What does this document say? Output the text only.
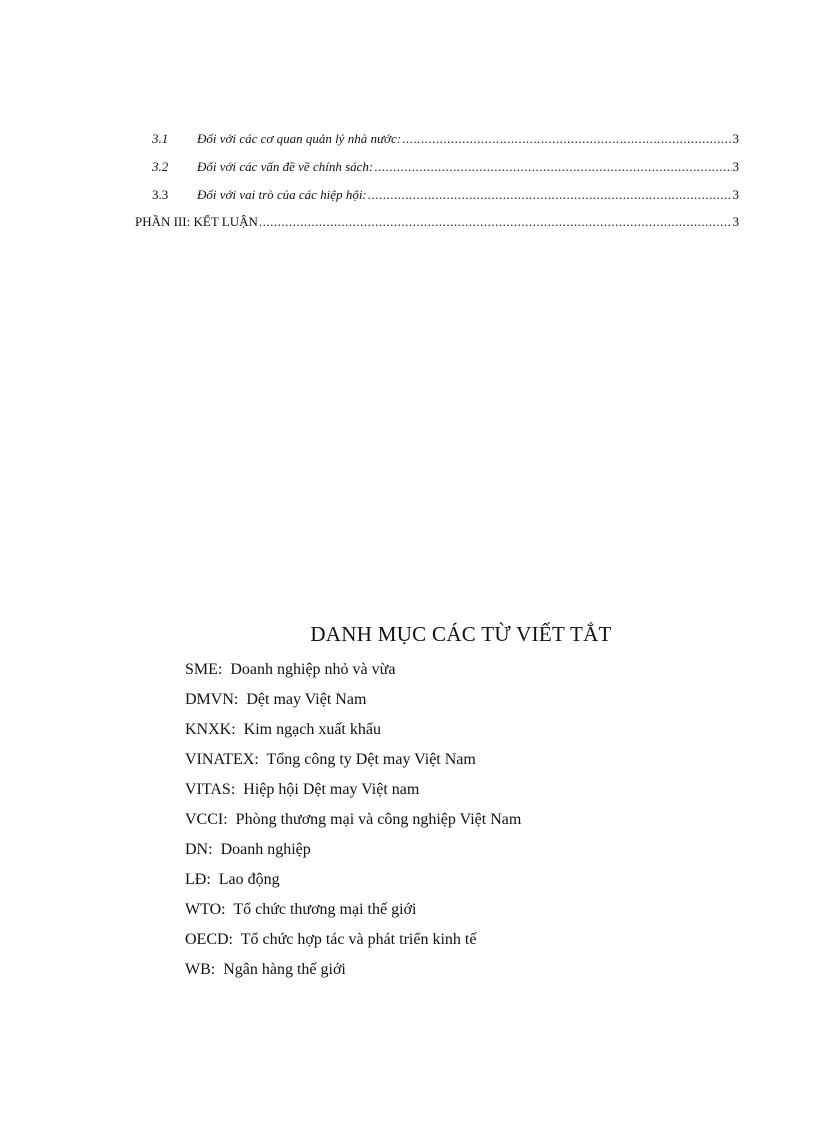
3.1	Đối với các cơ quan quản lý nhà nước: .....	3
3.2	Đối với các vấn đề về chính sách: .....	3
3.3	Đối với vai trò của các hiệp hội: .....	3
PHẦN III: KẾT LUẬN .....	3
DANH MỤC CÁC TỪ VIẾT TẮT
SME: Doanh nghiệp nhỏ và vừa
DMVN: Dệt may Việt Nam
KNXK: Kim ngạch xuất khẩu
VINATEX: Tổng công ty Dệt may Việt Nam
VITAS: Hiệp hội Dệt may Việt nam
VCCI: Phòng thương mại và công nghiệp Việt Nam
DN: Doanh nghiệp
LĐ: Lao động
WTO: Tổ chức thương mại thế giới
OECD: Tổ chức hợp tác và phát triển kinh tế
WB: Ngân hàng thế giới
